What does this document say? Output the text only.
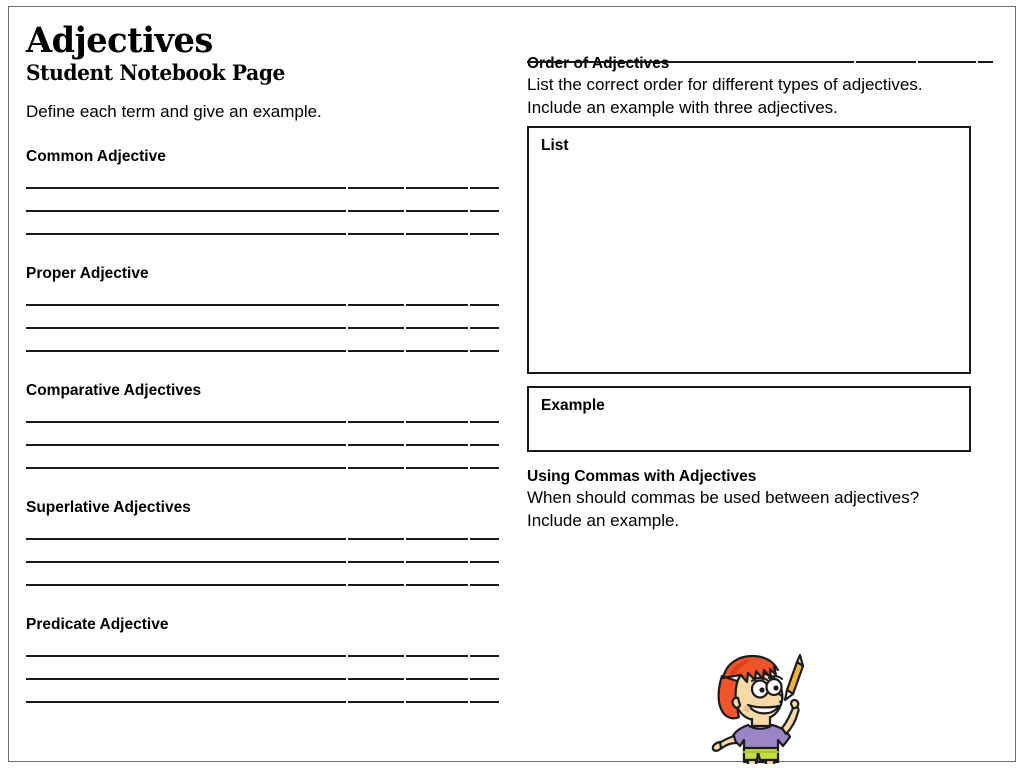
Adjectives
Student Notebook Page

Define each term and give an example.

Common Adjective
Proper Adjective
Comparative Adjectives
Superlative Adjectives
Predicate Adjective
Order of Adjectives
List the correct order for different types of adjectives.
Include an example with three adjectives.
List
Example
Using Commas with Adjectives
When should commas be used between adjectives?
Include an example.
